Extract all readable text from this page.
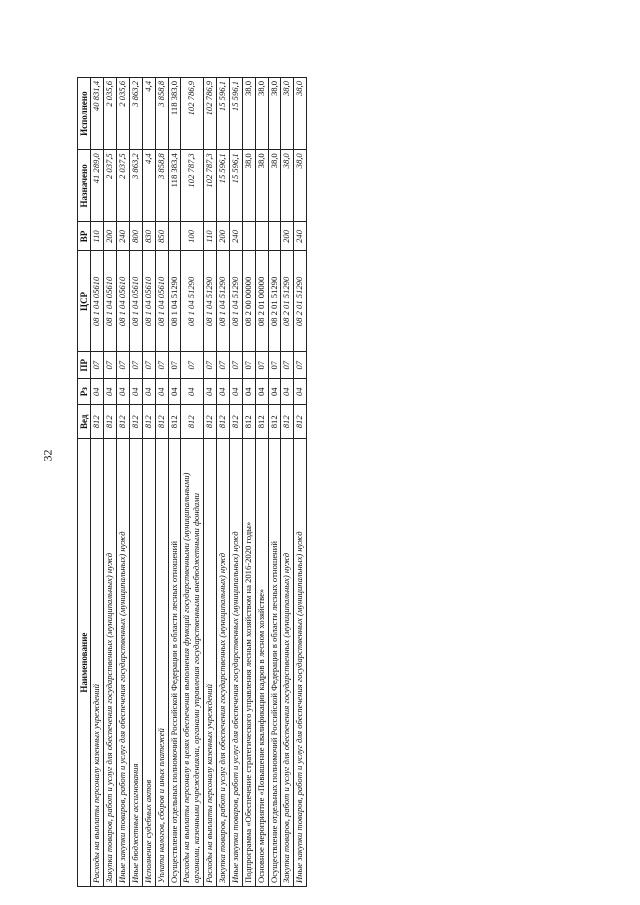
32
Наименование	Вед	Рз	ПР	ЦСР	ВР	Назначено	Исполнено
Расходы на выплаты персоналу казенных учреждений	812	04	07	08 1 04 05610	110	41 289,0	40 831,4
Закупка товаров, работ и услуг для обеспечения государственных (муниципальных) нужд	812	04	07	08 1 04 05610	200	2 037,5	2 035,6
Иные закупки товаров, работ и услуг для обеспечения государственных (муниципальных) нужд	812	04	07	08 1 04 05610	240	2 037,5	2 035,6
Иные бюджетные ассигнования	812	04	07	08 1 04 05610	800	3 863,2	3 863,2
Исполнение судебных актов	812	04	07	08 1 04 05610	830	4,4	4,4
Уплата налогов, сборов и иных платежей	812	04	07	08 1 04 05610	850	3 858,8	3 858,8
Осуществление отдельных полномочий Российской Федерации в области лесных отношений	812	04	07	08 1 04 51290		118 383,4	118 383,0
Расходы на выплаты персоналу в целях обеспечения выполнения функций государственными (муниципальными) органами, казенными учреждениями, органами управления государственными внебюджетными фондами	812	04	07	08 1 04 51290	100	102 787,3	102 786,9
Расходы на выплаты персоналу казенных учреждений	812	04	07	08 1 04 51290	110	102 787,3	102 786,9
Закупка товаров, работ и услуг для обеспечения государственных (муниципальных) нужд	812	04	07	08 1 04 51290	200	15 596,1	15 596,1
Иные закупки товаров, работ и услуг для обеспечения государственных (муниципальных) нужд	812	04	07	08 1 04 51290	240	15 596,1	15 596,1
Подпрограмма «Обеспечение стратегического управления лесным хозяйством на 2016-2020 годы»	812	04	07	08 2 00 00000		38,0	38,0
Основное мероприятие «Повышение квалификации кадров в лесном хозяйстве»	812	04	07	08 2 01 00000		38,0	38,0
Осуществление отдельных полномочий Российской Федерации в области лесных отношений	812	04	07	08 2 01 51290		38,0	38,0
Закупка товаров, работ и услуг для обеспечения государственных (муниципальных) нужд	812	04	07	08 2 01 51290	200	38,0	38,0
Иные закупки товаров, работ и услуг для обеспечения государственных (муниципальных) нужд	812	04	07	08 2 01 51290	240	38,0	38,0
